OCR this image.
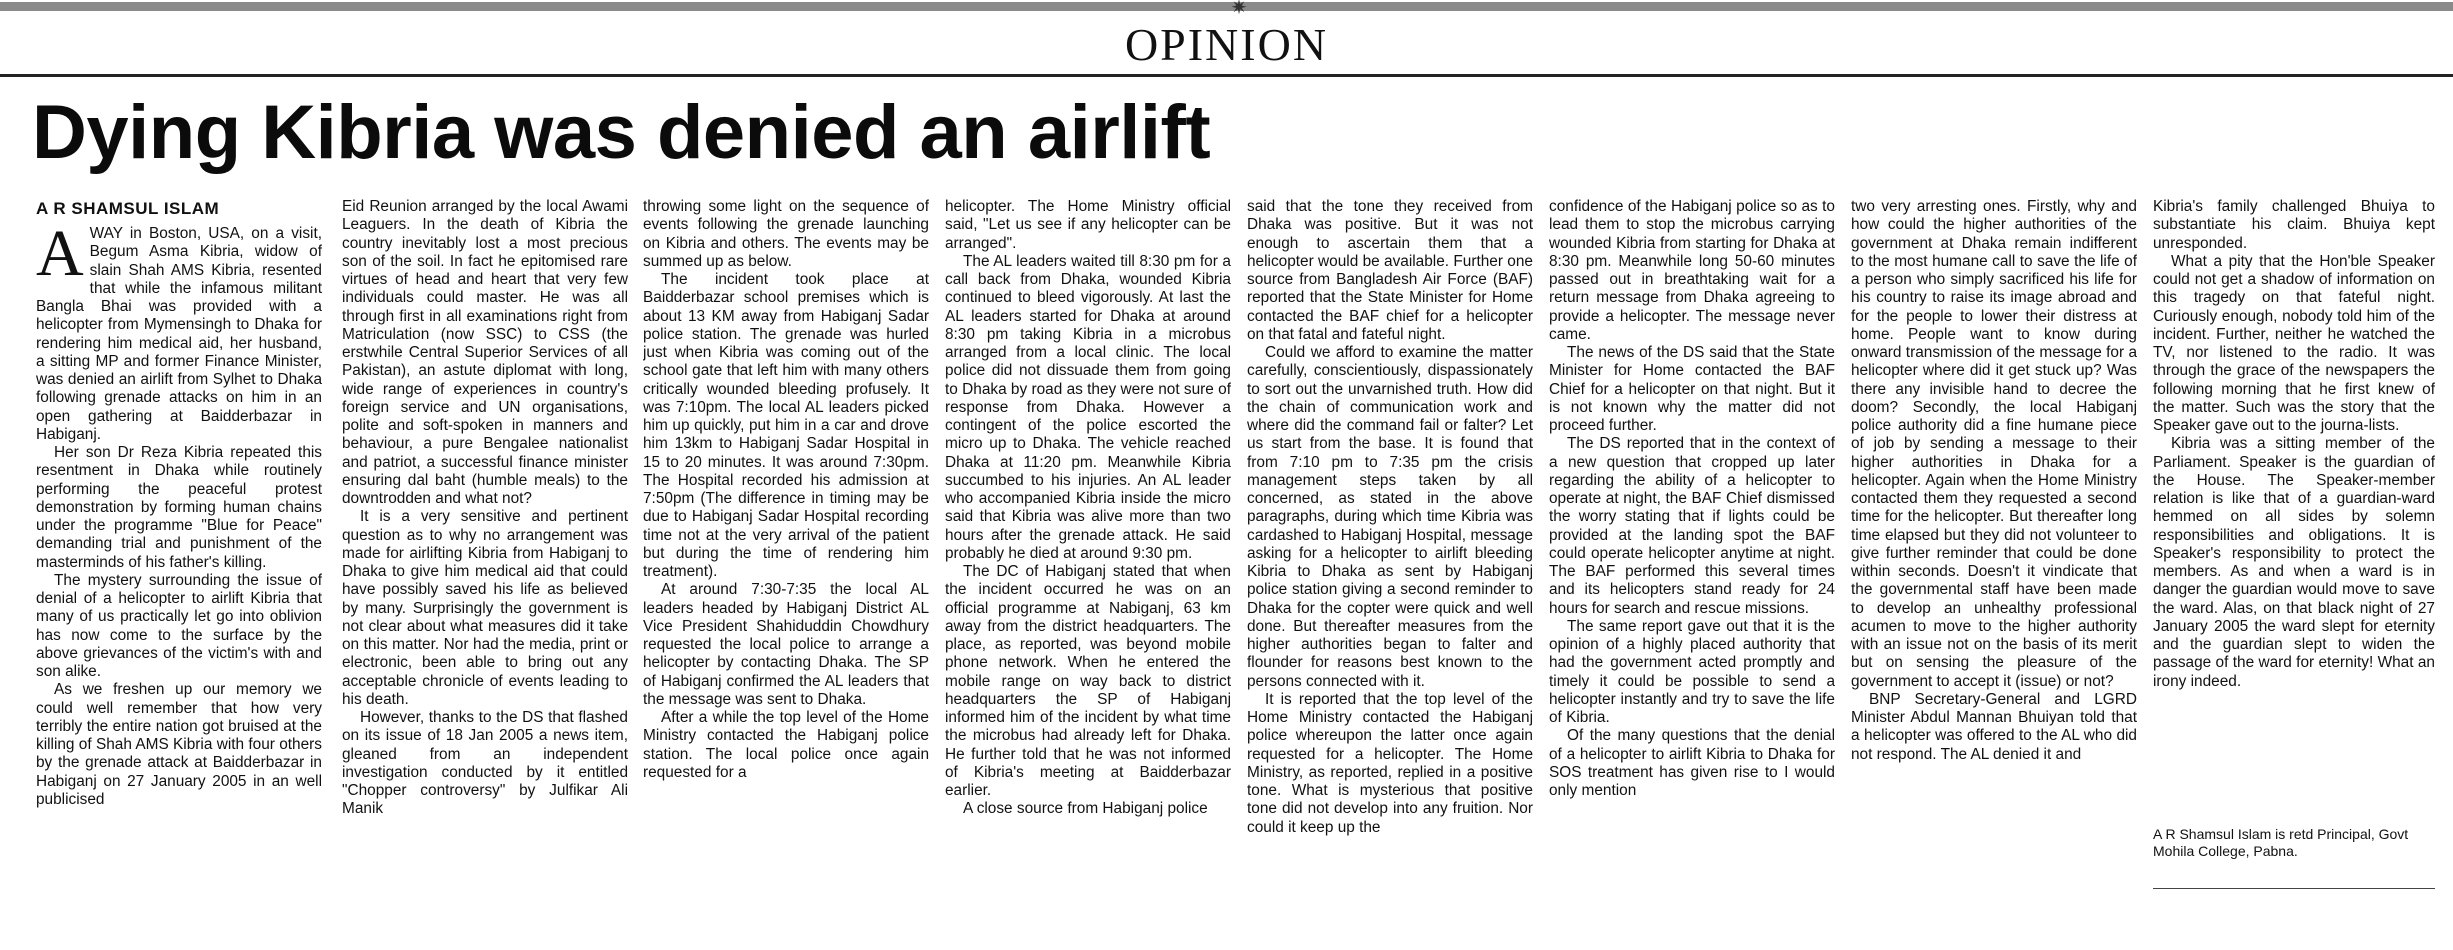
✷
OPINION
Dying Kibria was denied an airlift
A R SHAMSUL ISLAM

AWAY in Boston, USA, on a visit, Begum Asma Kibria, widow of slain Shah AMS Kibria, resented that while the infamous militant Bangla Bhai was provided with a helicopter from Mymensingh to Dhaka for rendering him medical aid, her husband, a sitting MP and former Finance Minister, was denied an airlift from Sylhet to Dhaka following grenade attacks on him in an open gathering at Baidderbazar in Habiganj.

Her son Dr Reza Kibria repeated this resentment in Dhaka while routinely performing the peaceful protest demonstration by forming human chains under the programme "Blue for Peace" demanding trial and punishment of the masterminds of his father's killing.

The mystery surrounding the issue of denial of a helicopter to airlift Kibria that many of us practically let go into oblivion has now come to the surface by the above grievances of the victim's with and son alike.

As we freshen up our memory we could well remember that how very terribly the entire nation got bruised at the killing of Shah AMS Kibria with four others by the grenade attack at Baidderbazar in Habiganj on 27 January 2005 in an well publicised

Eid Reunion arranged by the local Awami Leaguers. In the death of Kibria the country inevitably lost a most precious son of the soil. In fact he epitomised rare virtues of head and heart that very few individuals could master. He was all through first in all examinations right from Matriculation (now SSC) to CSS (the erstwhile Central Superior Services of all Pakistan), an astute diplomat with long, wide range of experiences in country's foreign service and UN organisations, polite and soft-spoken in manners and behaviour, a pure Bengalee nationalist and patriot, a successful finance minister ensuring dal baht (humble meals) to the downtrodden and what not?

It is a very sensitive and pertinent question as to why no arrangement was made for airlifting Kibria from Habiganj to Dhaka to give him medical aid that could have possibly saved his life as believed by many. Surprisingly the government is not clear about what measures did it take on this matter. Nor had the media, print or electronic, been able to bring out any acceptable chronicle of events leading to his death.

However, thanks to the DS that flashed on its issue of 18 Jan 2005 a news item, gleaned from an independent investigation conducted by it entitled "Chopper controversy" by Julfikar Ali Manik

throwing some light on the sequence of events following the grenade launching on Kibria and others. The events may be summed up as below.

The incident took place at Baidderbazar school premises which is about 13 KM away from Habiganj Sadar police station. The grenade was hurled just when Kibria was coming out of the school gate that left him with many others critically wounded bleeding profusely. It was 7:10pm. The local AL leaders picked him up quickly, put him in a car and drove him 13km to Habiganj Sadar Hospital in 15 to 20 minutes. It was around 7:30pm. The Hospital recorded his admission at 7:50pm (The difference in timing may be due to Habiganj Sadar Hospital recording time not at the very arrival of the patient but during the time of rendering him treatment).

At around 7:30-7:35 the local AL leaders headed by Habiganj District AL Vice President Shahiduddin Chowdhury requested the local police to arrange a helicopter by contacting Dhaka. The SP of Habiganj confirmed the AL leaders that the message was sent to Dhaka.

After a while the top level of the Home Ministry contacted the Habiganj police station. The local police once again requested for a

helicopter. The Home Ministry official said, "Let us see if any helicopter can be arranged".

The AL leaders waited till 8:30 pm for a call back from Dhaka, wounded Kibria continued to bleed vigorously. At last the AL leaders started for Dhaka at around 8:30 pm taking Kibria in a microbus arranged from a local clinic. The local police did not dissuade them from going to Dhaka by road as they were not sure of response from Dhaka. However a contingent of the police escorted the micro up to Dhaka. The vehicle reached Dhaka at 11:20 pm. Meanwhile Kibria succumbed to his injuries. An AL leader who accompanied Kibria inside the micro said that Kibria was alive more than two hours after the grenade attack. He said probably he died at around 9:30 pm.

The DC of Habiganj stated that when the incident occurred he was on an official programme at Nabiganj, 63 km away from the district headquarters. The place, as reported, was beyond mobile phone network. When he entered the mobile range on way back to district headquarters the SP of Habiganj informed him of the incident by what time the microbus had already left for Dhaka. He further told that he was not informed of Kibria's meeting at Baidderbazar earlier.

A close source from Habiganj police

said that the tone they received from Dhaka was positive. But it was not enough to ascertain them that a helicopter would be available. Further one source from Bangladesh Air Force (BAF) reported that the State Minister for Home contacted the BAF chief for a helicopter on that fatal and fateful night.

Could we afford to examine the matter carefully, conscientiously, dispassionately to sort out the unvarnished truth. How did the chain of communication work and where did the command fail or falter? Let us start from the base. It is found that from 7:10 pm to 7:35 pm the crisis management steps taken by all concerned, as stated in the above paragraphs, during which time Kibria was cardashed to Habiganj Hospital, message asking for a helicopter to airlift bleeding Kibria to Dhaka as sent by Habiganj police station giving a second reminder to Dhaka for the copter were quick and well done. But thereafter measures from the higher authorities began to falter and flounder for reasons best known to the persons connected with it.

It is reported that the top level of the Home Ministry contacted the Habiganj police whereupon the latter once again requested for a helicopter. The Home Ministry, as reported, replied in a positive tone. What is mysterious that positive tone did not develop into any fruition. Nor could it keep up the

confidence of the Habiganj police so as to lead them to stop the microbus carrying wounded Kibria from starting for Dhaka at 8:30 pm. Meanwhile long 50-60 minutes passed out in breathtaking wait for a return message from Dhaka agreeing to provide a helicopter. The message never came.

The news of the DS said that the State Minister for Home contacted the BAF Chief for a helicopter on that night. But it is not known why the matter did not proceed further.

The DS reported that in the context of a new question that cropped up later regarding the ability of a helicopter to operate at night, the BAF Chief dismissed the worry stating that if lights could be provided at the landing spot the BAF could operate helicopter anytime at night. The BAF performed this several times and its helicopters stand ready for 24 hours for search and rescue missions.

The same report gave out that it is the opinion of a highly placed authority that had the government acted promptly and timely it could be possible to send a helicopter instantly and try to save the life of Kibria.

Of the many questions that the denial of a helicopter to airlift Kibria to Dhaka for SOS treatment has given rise to I would only mention

two very arresting ones. Firstly, why and how could the higher authorities of the government at Dhaka remain indifferent to the most humane call to save the life of a person who simply sacrificed his life for his country to raise its image abroad and for the people to lower their distress at home. People want to know during onward transmission of the message for a helicopter where did it get stuck up? Was there any invisible hand to decree the doom? Secondly, the local Habiganj police authority did a fine humane piece of job by sending a message to their higher authorities in Dhaka for a helicopter. Again when the Home Ministry contacted them they requested a second time for the helicopter. But thereafter long time elapsed but they did not volunteer to give further reminder that could be done within seconds. Doesn't it vindicate that the governmental staff have been made to develop an unhealthy professional acumen to move to the higher authority with an issue not on the basis of its merit but on sensing the pleasure of the government to accept it (issue) or not?

BNP Secretary-General and LGRD Minister Abdul Mannan Bhuiyan told that a helicopter was offered to the AL who did not respond. The AL denied it and

Kibria's family challenged Bhuiya to substantiate his claim. Bhuiya kept unresponded.

What a pity that the Hon'ble Speaker could not get a shadow of information on this tragedy on that fateful night. Curiously enough, nobody told him of the incident. Further, neither he watched the TV, nor listened to the radio. It was through the grace of the newspapers the following morning that he first knew of the matter. Such was the story that the Speaker gave out to the journa-lists.

Kibria was a sitting member of the Parliament. Speaker is the guardian of the House. The Speaker-member relation is like that of a guardian-ward hemmed on all sides by solemn responsibilities and obligations. It is Speaker's responsibility to protect the members. As and when a ward is in danger the guardian would move to save the ward. Alas, on that black night of 27 January 2005 the ward slept for eternity and the guardian slept to widen the passage of the ward for eternity! What an irony indeed.

A R Shamsul Islam is retd Principal, Govt Mohila College, Pabna.
